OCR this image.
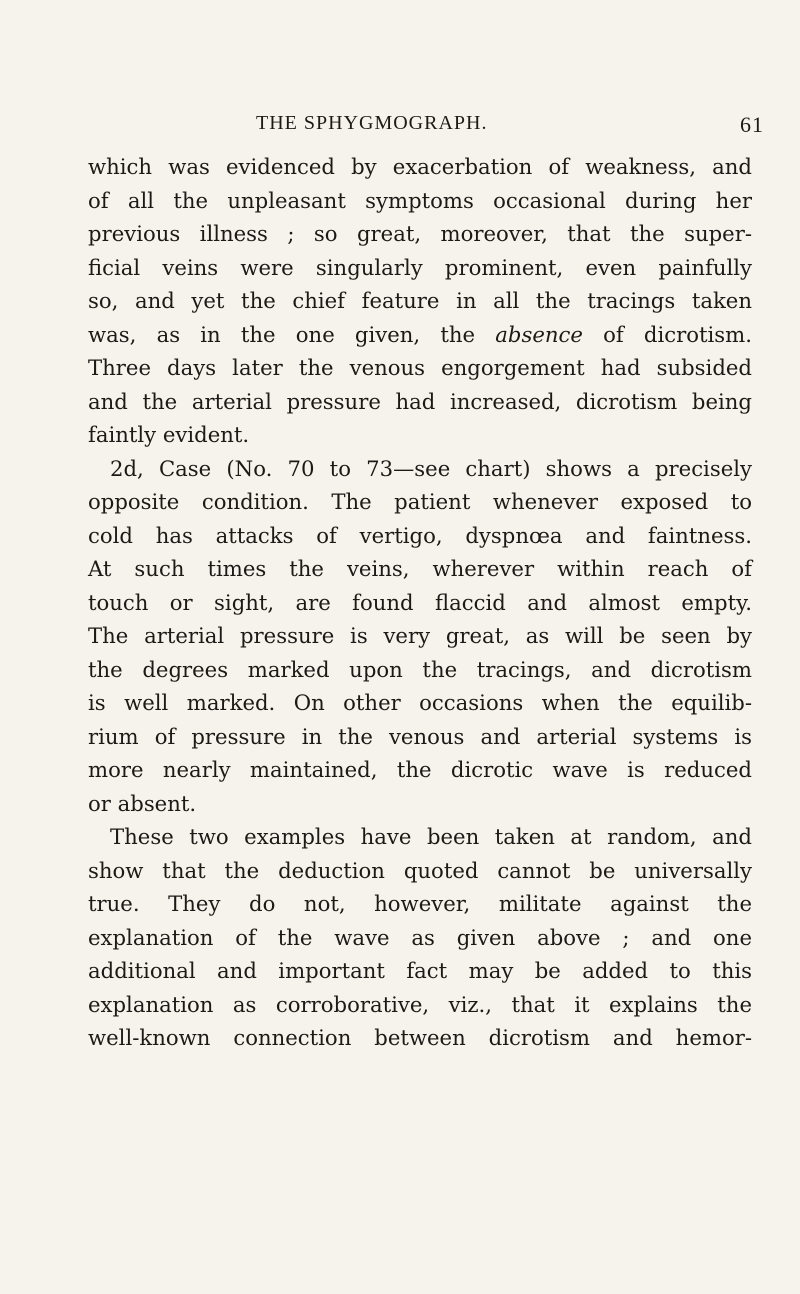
THE SPHYGMOGRAPH.	61
which was evidenced by exacerbation of weakness, and
of all the unpleasant symptoms occasional during her
previous illness ; so great, moreover, that the super-
ficial veins were singularly prominent, even painfully
so, and yet the chief feature in all the tracings taken
was, as in the one given, the absence of dicrotism.
Three days later the venous engorgement had subsided
and the arterial pressure had increased, dicrotism being
faintly evident.
2d, Case (No. 70 to 73—see chart) shows a precisely
opposite condition. The patient whenever exposed to
cold has attacks of vertigo, dyspnœa and faintness.
At such times the veins, wherever within reach of
touch or sight, are found flaccid and almost empty.
The arterial pressure is very great, as will be seen by
the degrees marked upon the tracings, and dicrotism
is well marked. On other occasions when the equilib-
rium of pressure in the venous and arterial systems is
more nearly maintained, the dicrotic wave is reduced
or absent.
These two examples have been taken at random, and
show that the deduction quoted cannot be universally
true. They do not, however, militate against the
explanation of the wave as given above ; and one
additional and important fact may be added to this
explanation as corroborative, viz., that it explains the
well-known connection between dicrotism and hemor-
